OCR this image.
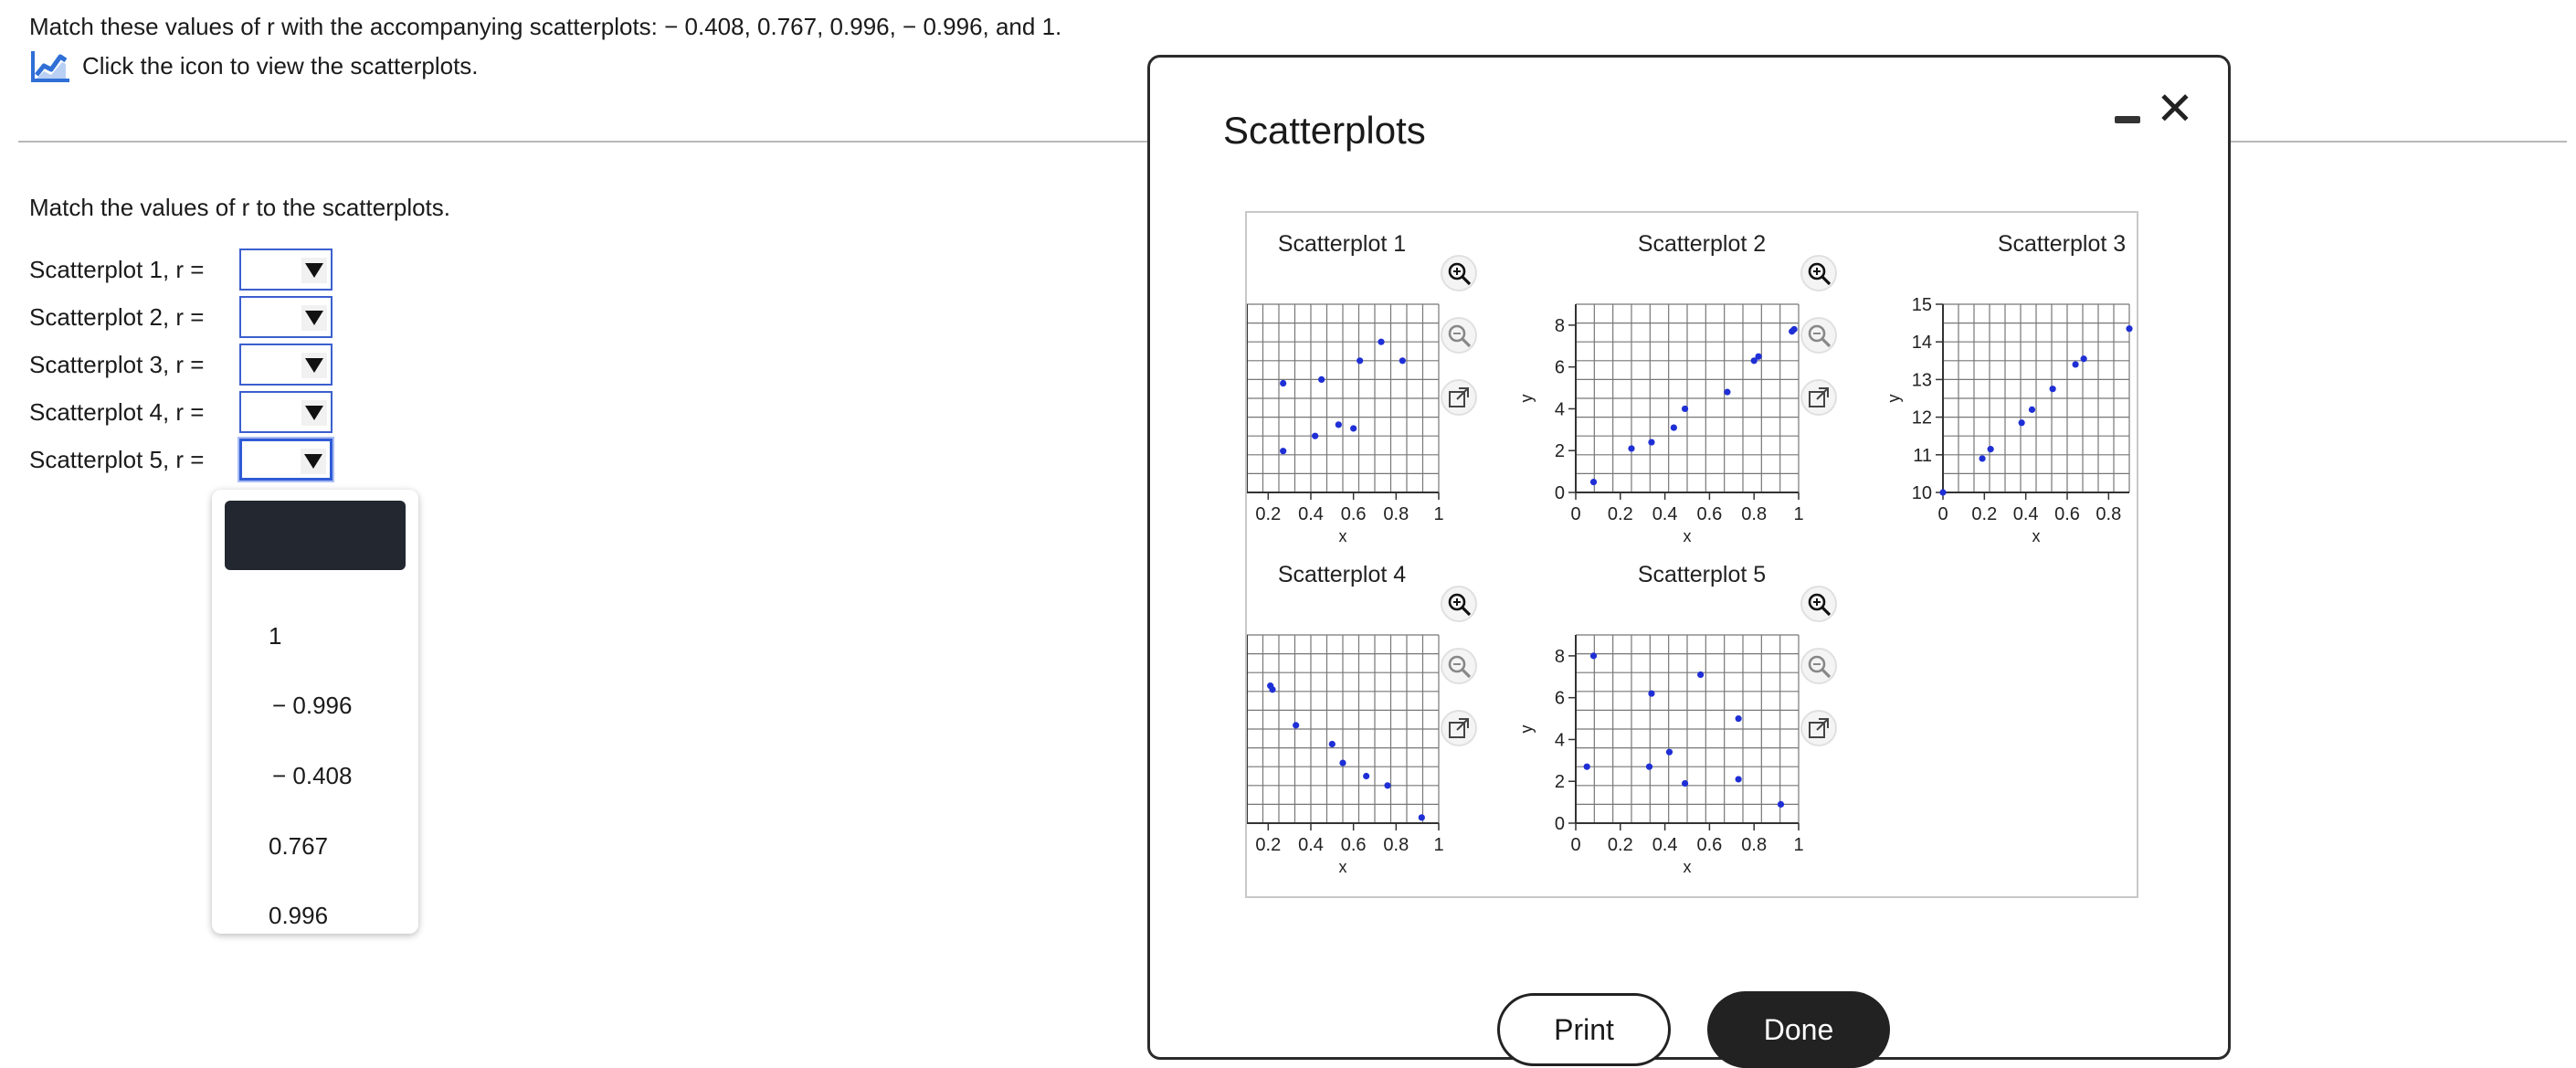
Match these values of r with the accompanying scatterplots: − 0.408, 0.767, 0.996, − 0.996, and 1.
Click the icon to view the scatterplots.
Match the values of r to the scatterplots.
Scatterplot 1, r =
Scatterplot 2, r =
Scatterplot 3, r =
Scatterplot 4, r =
Scatterplot 5, r =
1
− 0.996
− 0.408
0.767
0.996
Scatterplots	✕
Scatterplot 1
0.2 0.4 0.6 0.8 1
x
Scatterplot 2
0 0.2 0.4 0.6 0.8 1
x
0
2
4
6
8
y
Scatterplot 3
0 0.2 0.4 0.6 0.8
x
10
11
12
13
14
15
y
Scatterplot 4
0.2 0.4 0.6 0.8 1
x
Scatterplot 5
0 0.2 0.4 0.6 0.8 1
x
0
2
4
6
8
y
Print	Done
